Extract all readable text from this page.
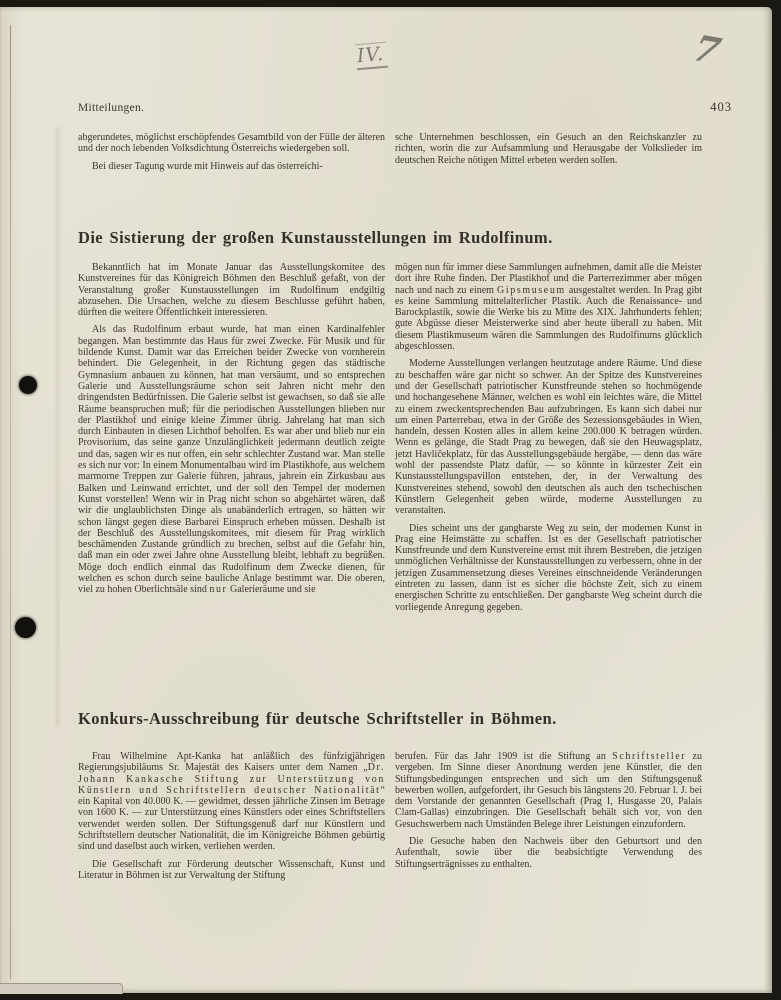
Mitteilungen.	403
IV.	7

abgerundetes, möglichst erschöpfendes Gesamtbild von der Fülle der älteren und der noch lebenden Volksdichtung Österreichs wiedergeben soll.

Bei dieser Tagung wurde mit Hinweis auf das österreichi-

sche Unternehmen beschlossen, ein Gesuch an den Reichskanzler zu richten, worin die zur Aufsammlung und Herausgabe der Volkslieder im deutschen Reiche nötigen Mittel erbeten werden sollen.

Die Sistierung der großen Kunstausstellungen im Rudolfinum.

Bekanntlich hat im Monate Januar das Ausstellungskomitee des Kunstvereines für das Königreich Böhmen den Beschluß gefaßt, von der Veranstaltung großer Kunstausstellungen im Rudolfinum endgiltig abzusehen. Die Ursachen, welche zu diesem Beschlusse geführt haben, dürften die weitere Öffentlichkeit interessieren.

Als das Rudolfinum erbaut wurde, hat man einen Kardinalfehler begangen. Man bestimmte das Haus für zwei Zwecke. Für Musik und für bildende Kunst. Damit war das Erreichen beider Zwecke von vornherein behindert. Die Gelegenheit, in der Richtung gegen das städtische Gymnasium anbauen zu können, hat man versäumt, und so entsprechen Galerie und Ausstellungsräume schon seit Jahren nicht mehr den dringendsten Bedürfnissen. Die Galerie selbst ist gewachsen, so daß sie alle Räume beanspruchen muß; für die periodischen Ausstellungen blieben nur der Plastikhof und einige kleine Zimmer übrig. Jahrelang hat man sich durch Einbauten in diesen Lichthof beholfen. Es war aber und blieb nur ein Provisorium, das seine ganze Unzulänglichkeit jedermann deutlich zeigte und das, sagen wir es nur offen, ein sehr schlechter Zustand war. Man stelle es sich nur vor: In einem Monumentalbau wird im Plastikhofe, aus welchem marmorne Treppen zur Galerie führen, jahraus, jahrein ein Zirkusbau aus Balken und Leinwand errichtet, und der soll den Tempel der modernen Kunst vorstellen! Wenn wir in Prag nicht schon so abgehärtet wären, daß wir die unglaublichsten Dinge als unabänderlich ertragen, so hätten wir schon längst gegen diese Barbarei Einspruch erheben müssen. Deshalb ist der Beschluß des Ausstellungskomitees, mit diesem für Prag wirklich beschämenden Zustande gründlich zu brechen, selbst auf die Gefahr hin, daß man ein oder zwei Jahre ohne Ausstellung bleibt, lebhaft zu begrüßen. Möge doch endlich einmal das Rudolfinum dem Zwecke dienen, für welchen es schon durch seine bauliche Anlage bestimmt war. Die oberen, viel zu hohen Oberlichtsäle sind nur Galerieräume und sie

mögen nun für immer diese Sammlungen aufnehmen, damit alle die Meister dort ihre Ruhe finden. Der Plastikhof und die Parterrezimmer aber mögen nach und nach zu einem Gipsmuseum ausgestaltet werden. In Prag gibt es keine Sammlung mittelalterlicher Plastik. Auch die Renaissance- und Barockplastik, sowie die Werke bis zu Mitte des XIX. Jahrhunderts fehlen; gute Abgüsse dieser Meisterwerke sind aber heute überall zu haben. Mit diesem Plastikmuseum wären die Sammlungen des Rudolfinums glücklich abgeschlossen.

Moderne Ausstellungen verlangen heutzutage andere Räume. Und diese zu beschaffen wäre gar nicht so schwer. An der Spitze des Kunstvereines und der Gesellschaft patriotischer Kunstfreunde stehen so hochmögende und hochangesehene Männer, welchen es wohl ein leichtes wäre, die Mittel zu einem zweckentsprechenden Bau aufzubringen. Es kann sich dabei nur um einen Parterrebau, etwa in der Größe des Sezessionsgebäudes in Wien, handeln, dessen Kosten alles in allem keine 200.000 K betragen würden. Wenn es gelänge, die Stadt Prag zu bewegen, daß sie den Heuwagsplatz, jetzt Havličekplatz, für das Ausstellungsgebäude hergäbe, — denn das wäre wohl der passendste Platz dafür, — so könnte in kürzester Zeit ein Kunstausstellungspavillon entstehen, der, in der Verwaltung des Kunstvereines stehend, sowohl den deutschen als auch den tschechischen Künstlern Gelegenheit geben würde, moderne Ausstellungen zu veranstalten.

Dies scheint uns der gangbarste Weg zu sein, der modernen Kunst in Prag eine Heimstätte zu schaffen. Ist es der Gesellschaft patriotischer Kunstfreunde und dem Kunstvereine ernst mit ihrem Bestreben, die jetzigen unmöglichen Verhältnisse der Kunstausstellungen zu verbessern, ohne in der jetzigen Zusammensetzung dieses Vereines einschneidende Veränderungen eintreten zu lassen, dann ist es sicher die höchste Zeit, sich zu einem energischen Schritte zu entschließen. Der gangbarste Weg scheint durch die vorliegende Anregung gegeben.

Konkurs-Ausschreibung für deutsche Schriftsteller in Böhmen.

Frau Wilhelmine Apt-Kanka hat anläßlich des fünfzigjährigen Regierungsjubiläums Sr. Majestät des Kaisers unter dem Namen „Dr. Johann Kankasche Stiftung zur Unterstützung von Künstlern und Schriftstellern deutscher Nationalität“ ein Kapital von 40.000 K. — gewidmet, dessen jährliche Zinsen im Betrage von 1600 K. — zur Unterstützung eines Künstlers oder eines Schriftstellers verwendet werden sollen. Der Stiftungsgenuß darf nur Künstlern und Schriftstellern deutscher Nationalität, die im Königreiche Böhmen gebürtig sind und daselbst auch wirken, verliehen werden.

Die Gesellschaft zur Förderung deutscher Wissenschaft, Kunst und Literatur in Böhmen ist zur Verwaltung der Stiftung

berufen. Für das Jahr 1909 ist die Stiftung an Schriftsteller zu vergeben. Im Sinne dieser Anordnung werden jene Künstler, die den Stiftungsbedingungen entsprechen und sich um den Stiftungsgenuß bewerben wollen, aufgefordert, ihr Gesuch bis längstens 20. Februar l. J. bei dem Vorstande der genannten Gesellschaft (Prag I, Husgasse 20, Palais Clam-Gallas) einzubringen. Die Gesellschaft behält sich vor, von den Gesuchswerbern nach Umständen Belege ihrer Leistungen einzufordern.

Die Gesuche haben den Nachweis über den Geburtsort und den Aufenthalt, sowie über die beabsichtigte Verwendung des Stiftungserträgnisses zu enthalten.
